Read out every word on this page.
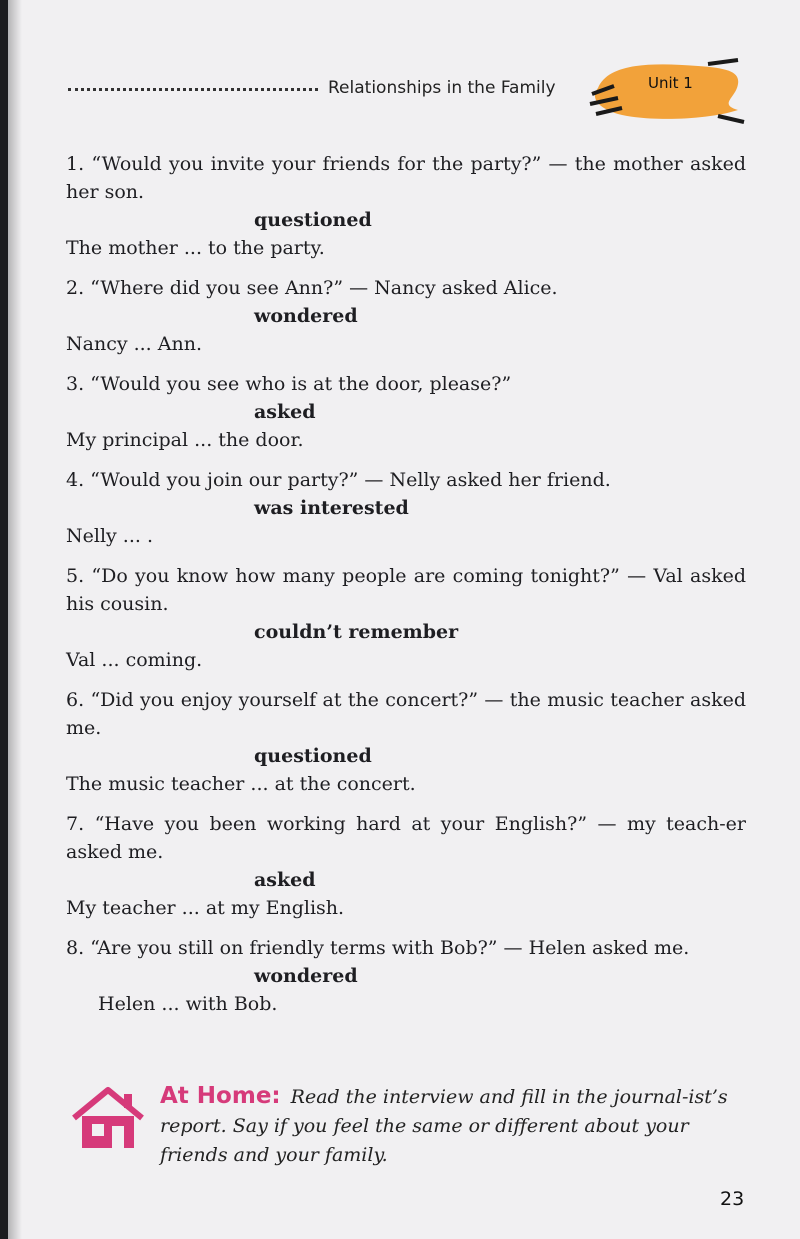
Relationships in the Family	Unit 1

1. “Would you invite your friends for the party?” — the mother asked her son.

questioned

The mother ... to the party.

2. “Where did you see Ann?” — Nancy asked Alice.

wondered

Nancy ... Ann.

3. “Would you see who is at the door, please?”

asked

My principal ... the door.

4. “Would you join our party?” — Nelly asked her friend.

was interested

Nelly ... .

5. “Do you know how many people are coming tonight?” — Val asked his cousin.

couldn’t remember

Val ... coming.

6. “Did you enjoy yourself at the concert?” — the music teacher asked me.

questioned

The music teacher ... at the concert.

7. “Have you been working hard at your English?” — my teach-er asked me.

asked

My teacher ... at my English.

8. “Are you still on friendly terms with Bob?” — Helen asked me.

wondered

Helen ... with Bob.

At Home: Read the interview and fill in the journal-ist’s report. Say if you feel the same or different about your friends and your family.
23
